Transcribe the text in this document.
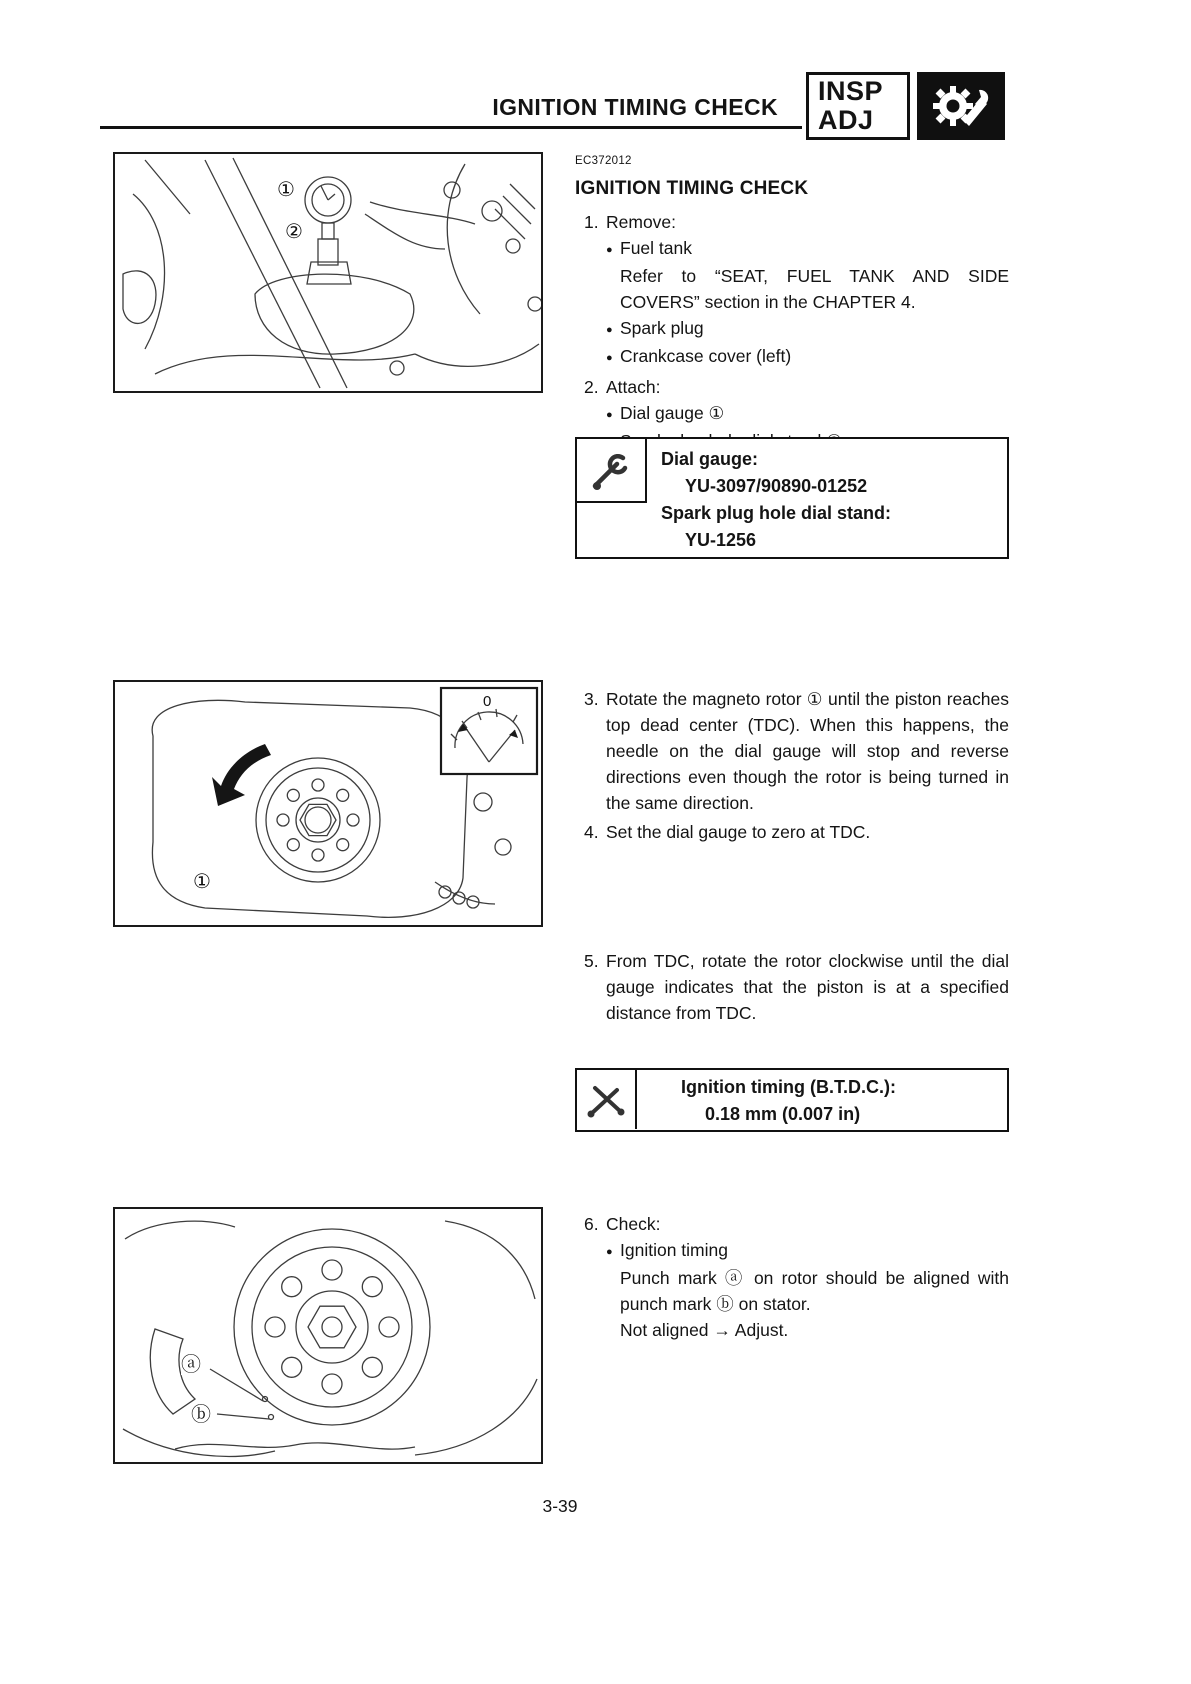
IGNITION TIMING CHECK
INSP
ADJ
①
②
①
0
ⓐ
ⓑ
EC372012
IGNITION TIMING CHECK
1. Remove:
● Fuel tank
Refer to “SEAT, FUEL TANK AND SIDE COVERS” section in the CHAPTER 4.
● Spark plug
● Crankcase cover (left)
2. Attach:
● Dial gauge ①
●
Dial gauge:
YU-3097/90890-01252
Spark plug hole dial stand:
YU-1256
3. Rotate the magneto rotor ① until the piston reaches top dead center (TDC). When this happens, the needle on the dial gauge will stop and reverse directions even though the rotor is being turned in the same direction.
4. Set the dial gauge to zero at TDC.
5. From TDC, rotate the rotor clockwise until the dial gauge indicates that the piston is at a specified distance from TDC.
Ignition timing (B.T.D.C.):
0.18 mm (0.007 in)
6. Check:
● Ignition timing
Punch mark ⓐ on rotor should be aligned with punch mark ⓑ on stator.
Not aligned → Adjust.
3-39
